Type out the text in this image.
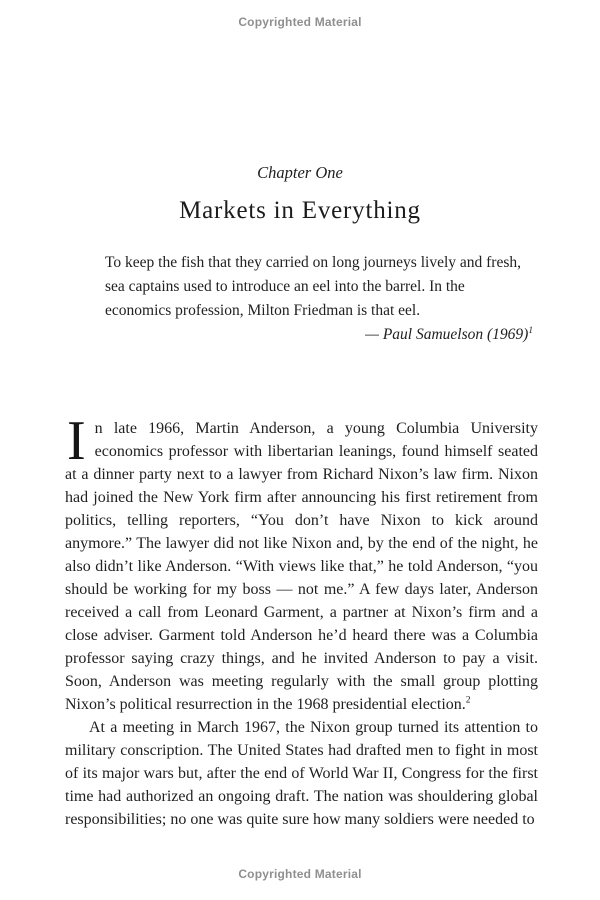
Copyrighted Material
Chapter One
Markets in Everything

To keep the fish that they carried on long journeys lively and fresh, sea captains used to introduce an eel into the barrel. In the economics profession, Milton Friedman is that eel.

— Paul Samuelson (1969)$^1$

In late 1966, Martin Anderson, a young Columbia University economics professor with libertarian leanings, found himself seated at a dinner party next to a lawyer from Richard Nixon’s law firm. Nixon had joined the New York firm after announcing his first retirement from politics, telling reporters, “You don’t have Nixon to kick around anymore.” The lawyer did not like Nixon and, by the end of the night, he also didn’t like Anderson. “With views like that,” he told Anderson, “you should be working for my boss — not me.” A few days later, Anderson received a call from Leonard Garment, a partner at Nixon’s firm and a close adviser. Garment told Anderson he’d heard there was a Columbia professor saying crazy things, and he invited Anderson to pay a visit. Soon, Anderson was meeting regularly with the small group plotting Nixon’s political resurrection in the 1968 presidential election.$^2$

At a meeting in March 1967, the Nixon group turned its attention to military conscription. The United States had drafted men to fight in most of its major wars but, after the end of World War II, Congress for the first time had authorized an ongoing draft. The nation was shouldering global responsibilities; no one was quite sure how many soldiers were needed to

Copyrighted Material
